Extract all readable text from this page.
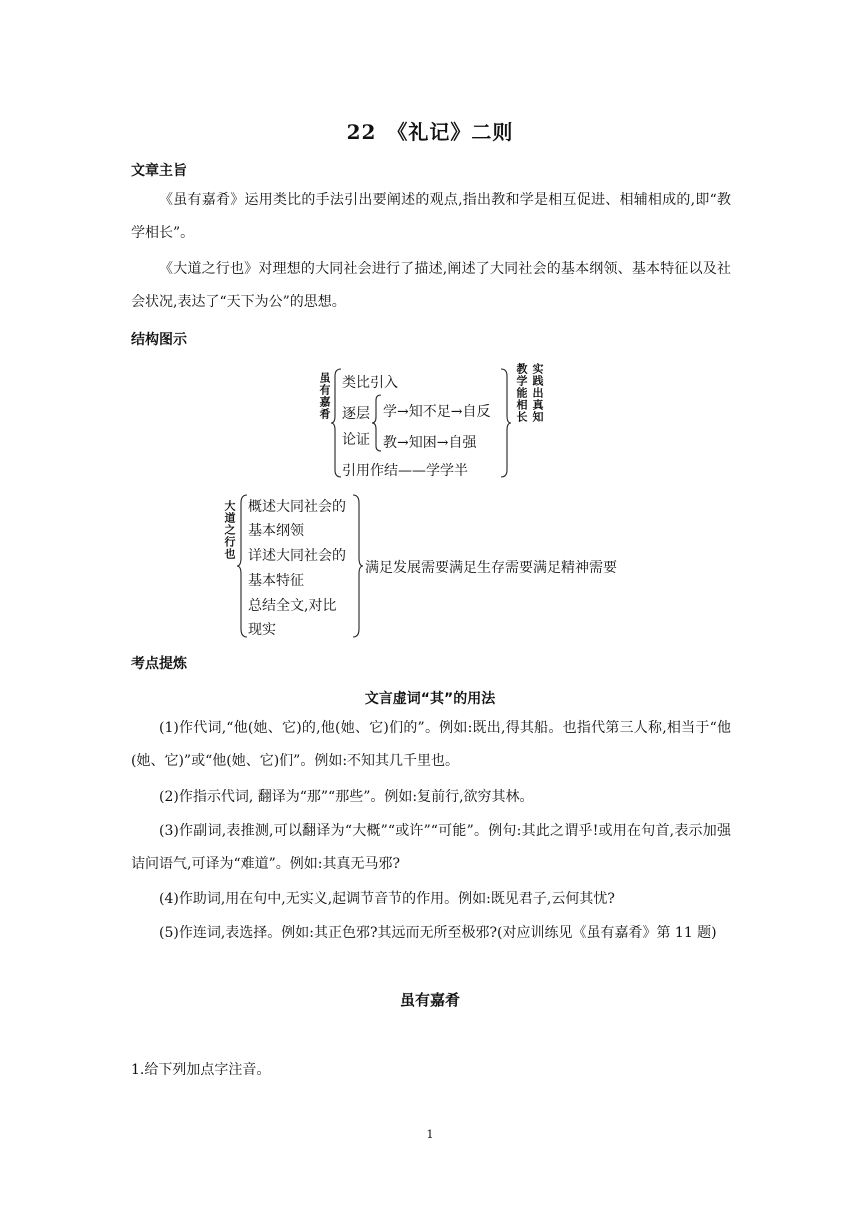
22　《礼记》二则
文章主旨
《虽有嘉肴》运用类比的手法引出要阐述的观点,指出教和学是相互促进、相辅相成的,即“教学相长”。
《大道之行也》对理想的大同社会进行了描述,阐述了大同社会的基本纲领、基本特征以及社会状况,表达了“天下为公”的思想。
结构图示
虽有嘉肴 类比引入
逐层
论证
学→知不足→自反
教→知困→自强
引用作结——学学半
教学能相长 实践出真知
大道之行也 概述大同社会的
基本纲领
详述大同社会的
基本特征
总结全文,对比
现实
满足发展需要满足生存需要满足精神需要
考点提炼
文言虚词“其”的用法
(1)作代词,“他(她、它)的,他(她、它)们的”。例如:既出,得其船。也指代第三人称,相当于“他(她、它)”或“他(她、它)们”。例如:不知其几千里也。
(2)作指示代词, 翻译为“那”“那些”。例如:复前行,欲穷其林。
(3)作副词,表推测,可以翻译为“大概”“或许”“可能”。例句:其此之谓乎!或用在句首,表示加强诘问语气,可译为“难道”。例如:其真无马邪?
(4)作助词,用在句中,无实义,起调节音节的作用。例如:既见君子,云何其忧?
(5)作连词,表选择。例如:其正色邪?其远而无所至极邪?(对应训练见《虽有嘉肴》第 11 题)
虽有嘉肴
1.给下列加点字注音。
1
